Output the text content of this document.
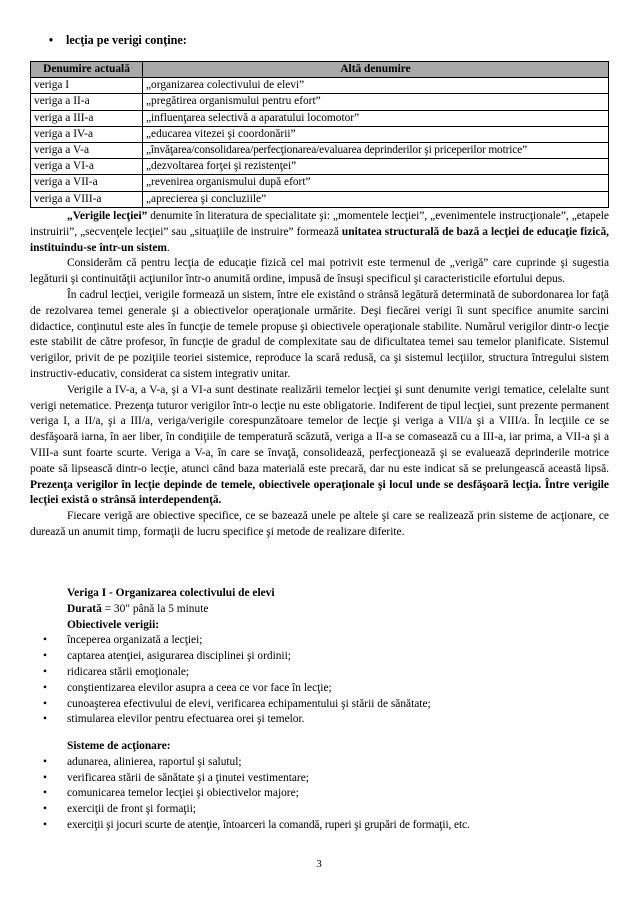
•	lecţia pe verigi conţine:
Denumire actuală	Altă denumire
veriga I	„organizarea colectivului de elevi”
veriga a II-a	„pregătirea organismului pentru efort”
veriga a III-a	„influenţarea selectivă a aparatului locomotor”
veriga a IV-a	„educarea vitezei şi coordonării”
veriga a V-a	„învăţarea/consolidarea/perfecţionarea/evaluarea deprinderilor şi priceperilor motrice”
veriga a VI-a	„dezvoltarea forţei şi rezistenţei”
veriga a VII-a	„revenirea organismului după efort”
veriga a VIII-a	„aprecierea şi concluziile”

„Verigile lecţiei” denumite în literatura de specialitate şi: „momentele lecţiei”, „evenimentele instrucţionale”, „etapele instruirii”, „secvenţele lecţiei” sau „situaţiile de instruire” formează unitatea structurală de bază a lecţiei de educaţie fizică, instituindu-se într-un sistem.

Considerăm că pentru lecţia de educaţie fizică cel mai potrivit este termenul de „verigă” care cuprinde şi sugestia legăturii şi continuităţii acţiunilor într-o anumită ordine, impusă de însuşi specificul şi caracteristicile efortului depus.

În cadrul lecţiei, verigile formează un sistem, între ele existând o strânsă legătură determinată de subordonarea lor faţă de rezolvarea temei generale şi a obiectivelor operaţionale urmărite. Deşi fiecărei verigi îi sunt specifice anumite sarcini didactice, conţinutul este ales în funcţie de temele propuse şi obiectivele operaţionale stabilite. Numărul verigilor dintr-o lecţie este stabilit de către profesor, în funcţie de gradul de complexitate sau de dificultatea temei sau temelor planificate. Sistemul verigilor, privit de pe poziţiile teoriei sistemice, reproduce la scară redusă, ca şi sistemul lecţiilor, structura întregului sistem instructiv-educativ, considerat ca sistem integrativ unitar.

Verigile a IV-a, a V-a, şi a VI-a sunt destinate realizării temelor lecţiei şi sunt denumite verigi tematice, celelalte sunt verigi netematice. Prezenţa tuturor verigilor într-o lecţie nu este obligatorie. Indiferent de tipul lecţiei, sunt prezente permanent veriga I, a II/a, şi a III/a, veriga/verigile corespunzătoare temelor de lecţie şi veriga a VII/a şi a VIII/a. În lecţiile ce se desfăşoară iarna, în aer liber, în condiţiile de temperatură scăzută, veriga a II-a se comasează cu a III-a, iar prima, a VII-a şi a VIII-a sunt foarte scurte. Veriga a V-a, în care se învaţă, consolidează, perfecţionează şi se evaluează deprinderile motrice poate să lipsească dintr-o lecţie, atunci când baza materială este precară, dar nu este indicat să se prelungească această lipsă. Prezenţa verigilor în lecţie depinde de temele, obiectivele operaţionale şi locul unde se desfăşoară lecţia. Între verigile lecţiei există o strânsă interdependenţă.

Fiecare verigă are obiective specifice, ce se bazează unele pe altele şi care se realizează prin sisteme de acţionare, ce durează un anumit timp, formaţii de lucru specifice şi metode de realizare diferite.

Veriga I - Organizarea colectivului de elevi
Durată = 30" până la 5 minute
Obiectivele verigii:
• începerea organizată a lecţiei;
• captarea atenţiei, asigurarea disciplinei şi ordinii;
• ridicarea stării emoţionale;
• conştientizarea elevilor asupra a ceea ce vor face în lecţie;
• cunoaşterea efectivului de elevi, verificarea echipamentului şi stării de sănătate;
• stimularea elevilor pentru efectuarea orei şi temelor.
Sisteme de acţionare:
• adunarea, alinierea, raportul şi salutul;
• verificarea stării de sănătate şi a ţinutei vestimentare;
• comunicarea temelor lecţiei şi obiectivelor majore;
• exerciţii de front şi formaţii;
• exerciţii şi jocuri scurte de atenţie, întoarceri la comandă, ruperi şi grupări de formaţii, etc.
3
